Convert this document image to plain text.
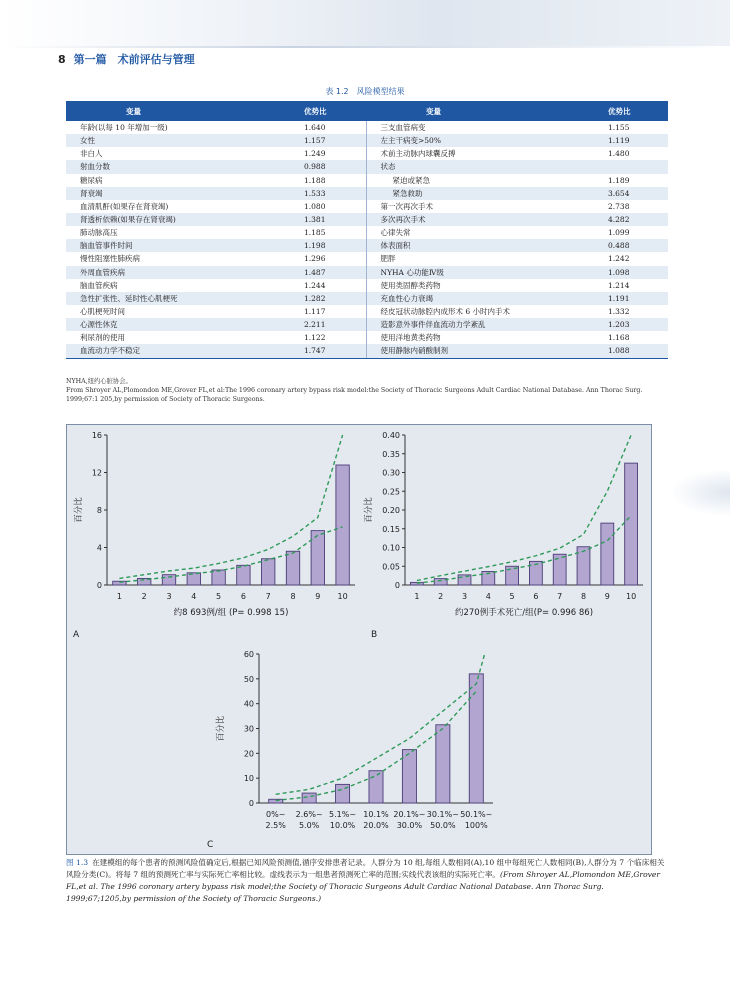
8 第一篇　术前评估与管理
表 1.2　风险模型结果
变量	优势比	变量	优势比
年龄(以每 10 年增加一级)	1.640	三支血管病变	1.155
女性	1.157	左主干病变>50%	1.119
非白人	1.249	术前主动脉内球囊反搏	1.480
射血分数	0.988	状态	
糖尿病	1.188	紧迫或紧急	1.189
肾衰竭	1.533	紧急救助	3.654
血清肌酐(如果存在肾衰竭)	1.080	第一次再次手术	2.738
肾透析依赖(如果存在肾衰竭)	1.381	多次再次手术	4.282
肺动脉高压	1.185	心律失常	1.099
脑血管事件时间	1.198	体表面积	0.488
慢性阻塞性肺疾病	1.296	肥胖	1.242
外周血管疾病	1.487	NYHA 心功能Ⅳ级	1.098
脑血管疾病	1.244	使用类固醇类药物	1.214
急性扩张性、延时性心肌梗死	1.282	充血性心力衰竭	1.191
心肌梗死时间	1.117	经皮冠状动脉腔内成形术 6 小时内手术	1.332
心源性休克	2.211	造影意外事件伴血流动力学紊乱	1.203
利尿剂的使用	1.122	使用洋地黄类药物	1.168
血流动力学不稳定	1.747	使用静脉内硝酸制剂	1.088
NYHA,纽约心脏协会。
From Shroyer AL,Plomondon ME,Grover FL,et al:The 1996 coronary artery bypass risk model:the Society of Thoracic Surgeons Adult Cardiac National Database. Ann Thorac Surg. 1999;67:1 205,by permission of Society of Thoracic Surgeons.
0
4
8
12
16
1 2 3 4 5 6 7 8 9 10
百分比
约8 693例/组 (P= 0.998 15)
A
0
0.05
0.10
0.15
0.20
0.25
0.30
0.35
0.40
1 2 3 4 5 6 7 8 9 10
百分比
约270例手术死亡/组(P= 0.996 86)
B
0
10
20
30
40
50
60
0%~
2.5%
2.6%~
5.0%
5.1%~
10.0%
10.1%
20.0%
20.1%~
30.0%
30.1%~
50.0%
50.1%~
100%
百分比
C
图 1.3 在建模组的每个患者的预测风险值确定后,根据已知风险预测值,循序安排患者记录。人群分为 10 组,每组人数相同(A),10 组中每组死亡人数相同(B),人群分为 7 个临床相关风险分类(C)。将每 7 组的预测死亡率与实际死亡率相比较。虚线表示为一组患者预测死亡率的范围;实线代表该组的实际死亡率。(From Shroyer AL,Plomondon ME,Grover FL,et al. The 1996 coronary artery bypass risk model;the Society of Thoracic Surgeons Adult Cardiac National Database. Ann Thorac Surg. 1999;67;1205,by permission of the Society of Thoracic Surgeons.)
